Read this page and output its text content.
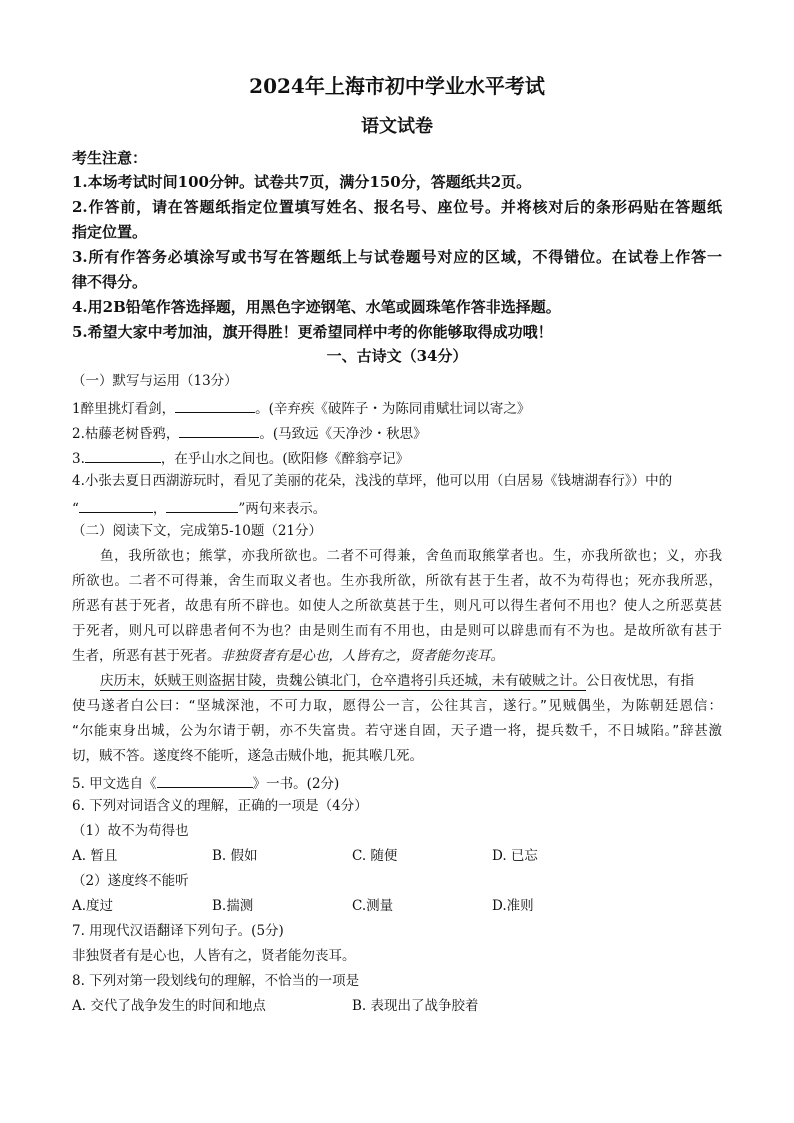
2024年上海市初中学业水平考试
语文试卷
考生注意：
1.本场考试时间100分钟。试卷共7页，满分150分，答题纸共2页。
2.作答前，请在答题纸指定位置填写姓名、报名号、座位号。并将核对后的条形码贴在答题纸
指定位置。
3.所有作答务必填涂写或书写在答题纸上与试卷题号对应的区域，不得错位。在试卷上作答一
律不得分。
4.用2B铅笔作答选择题，用黑色字迹钢笔、水笔或圆珠笔作答非选择题。
5.希望大家中考加油，旗开得胜！更希望同样中考的你能够取得成功哦！
一、古诗文（34分）
（一）默写与运用（13分）
1醉里挑灯看剑，	。(辛弃疾《破阵子・为陈同甫赋壮词以寄之》
2.枯藤老树昏鸦，	。(马致远《天净沙・秋思》
3.	，在乎山水之间也。(欧阳修《醉翁亭记》
4.小张去夏日西湖游玩时，看见了美丽的花朵，浅浅的草坪，他可以用（白居易《钱塘湖春行》）中的
“	，	”两句来表示。
（二）阅读下文，完成第5-10题（21分）
鱼，我所欲也；熊掌，亦我所欲也。二者不可得兼，舍鱼而取熊掌者也。生，亦我所欲也；义，亦我
所欲也。二者不可得兼，舍生而取义者也。生亦我所欲，所欲有甚于生者，故不为苟得也；死亦我所恶，
所恶有甚于死者，故患有所不辟也。如使人之所欲莫甚于生，则凡可以得生者何不用也？使人之所恶莫甚
于死者，则凡可以辟患者何不为也？由是则生而有不用也，由是则可以辟患而有不为也。是故所欲有甚于
生者，所恶有甚于死者。非独贤者有是心也，人皆有之，贤者能勿丧耳。
庆历末，妖贼王则盗据甘陵，贵魏公镇北门，仓卒遣将引兵还城，未有破贼之计。公日夜忧思，有指
使马遂者白公曰：“坚城深池，不可力取，愿得公一言，公往其言，遂行。”见贼偶坐，为陈朝廷恩信：
“尔能束身出城，公为尔请于朝，亦不失富贵。若守迷自固，天子遣一将，提兵数千，不日城陷。”辞甚激
切，贼不答。遂度终不能听，遂急击贼仆地，扼其喉几死。
5. 甲文选自《	》一书。(2分)
6. 下列对词语含义的理解，正确的一项是（4分）
（1）故不为苟得也
A. 暂且	B. 假如	C. 随便	D. 已忘
（2）遂度终不能听
A.度过	B.揣测	C.测量	D.准则
7. 用现代汉语翻译下列句子。(5分)
非独贤者有是心也，人皆有之，贤者能勿丧耳。
8. 下列对第一段划线句的理解，不恰当的一项是
A. 交代了战争发生的时间和地点	B. 表现出了战争胶着
